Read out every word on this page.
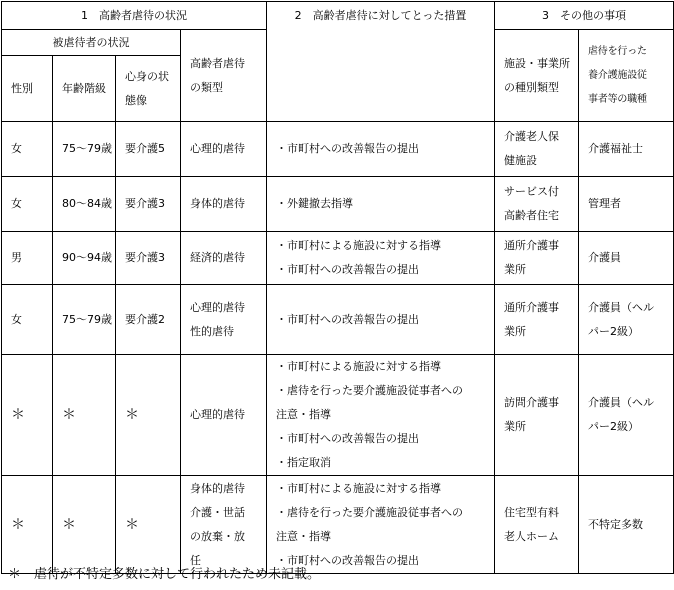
1　高齢者虐待の状況				2　高齢者虐待に対してとった措置	3　その他の事項	
被虐待者の状況			高齢者虐待
の類型		施設・事業所
の種別類型	虐待を行った
養介護施設従
事者等の職種

性別	年齢階級	心身の状
態像				

女	75〜79歳	要介護5	心理的虐待	・市町村への改善報告の提出	介護老人保
健施設	介護福祉士

女	80〜84歳	要介護3	身体的虐待	・外鍵撤去指導	サービス付
高齢者住宅	管理者

男	90〜94歳	要介護3	経済的虐待	・市町村による施設に対する指導
・市町村への改善報告の提出	通所介護事
業所	介護員

女	75〜79歳	要介護2	心理的虐待
性的虐待	・市町村への改善報告の提出	通所介護事
業所	介護員（ヘル
パー2級）

＊	＊	＊	心理的虐待	・市町村による施設に対する指導
・虐待を行った要介護施設従事者への
注意・指導
・市町村への改善報告の提出
・指定取消	訪問介護事
業所	介護員（ヘル
パー2級）

＊	＊	＊	身体的虐待
介護・世話
の放棄・放
任	・市町村による施設に対する指導
・虐待を行った要介護施設従事者への
注意・指導
・市町村への改善報告の提出	住宅型有料
老人ホーム	不特定多数
＊　虐待が不特定多数に対して行われたため未記載。
